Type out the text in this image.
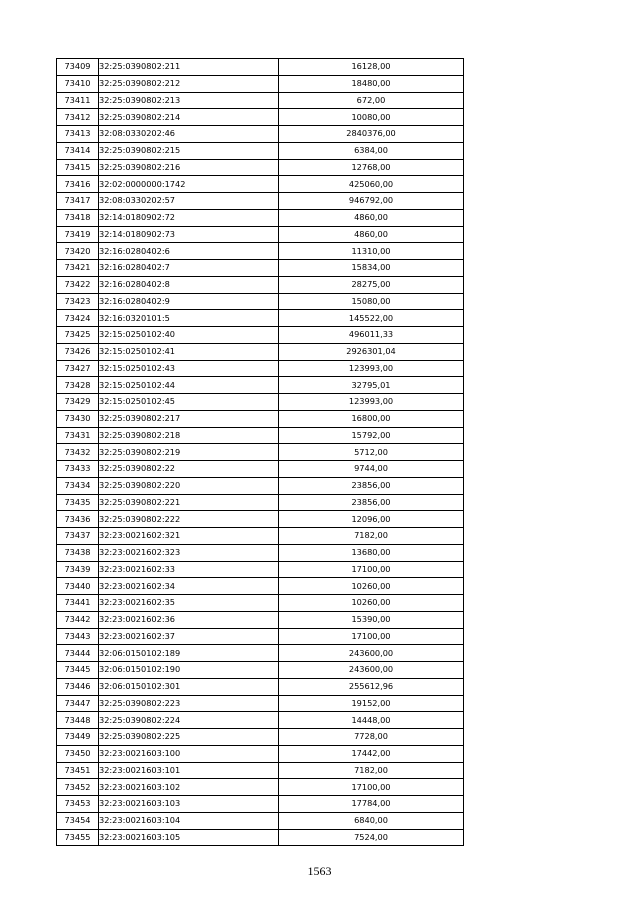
73409	32:25:0390802:211	16128,00
73410	32:25:0390802:212	18480,00
73411	32:25:0390802:213	672,00
73412	32:25:0390802:214	10080,00
73413	32:08:0330202:46	2840376,00
73414	32:25:0390802:215	6384,00
73415	32:25:0390802:216	12768,00
73416	32:02:0000000:1742	425060,00
73417	32:08:0330202:57	946792,00
73418	32:14:0180902:72	4860,00
73419	32:14:0180902:73	4860,00
73420	32:16:0280402:6	11310,00
73421	32:16:0280402:7	15834,00
73422	32:16:0280402:8	28275,00
73423	32:16:0280402:9	15080,00
73424	32:16:0320101:5	145522,00
73425	32:15:0250102:40	496011,33
73426	32:15:0250102:41	2926301,04
73427	32:15:0250102:43	123993,00
73428	32:15:0250102:44	32795,01
73429	32:15:0250102:45	123993,00
73430	32:25:0390802:217	16800,00
73431	32:25:0390802:218	15792,00
73432	32:25:0390802:219	5712,00
73433	32:25:0390802:22	9744,00
73434	32:25:0390802:220	23856,00
73435	32:25:0390802:221	23856,00
73436	32:25:0390802:222	12096,00
73437	32:23:0021602:321	7182,00
73438	32:23:0021602:323	13680,00
73439	32:23:0021602:33	17100,00
73440	32:23:0021602:34	10260,00
73441	32:23:0021602:35	10260,00
73442	32:23:0021602:36	15390,00
73443	32:23:0021602:37	17100,00
73444	32:06:0150102:189	243600,00
73445	32:06:0150102:190	243600,00
73446	32:06:0150102:301	255612,96
73447	32:25:0390802:223	19152,00
73448	32:25:0390802:224	14448,00
73449	32:25:0390802:225	7728,00
73450	32:23:0021603:100	17442,00
73451	32:23:0021603:101	7182,00
73452	32:23:0021603:102	17100,00
73453	32:23:0021603:103	17784,00
73454	32:23:0021603:104	6840,00
73455	32:23:0021603:105	7524,00
1563
